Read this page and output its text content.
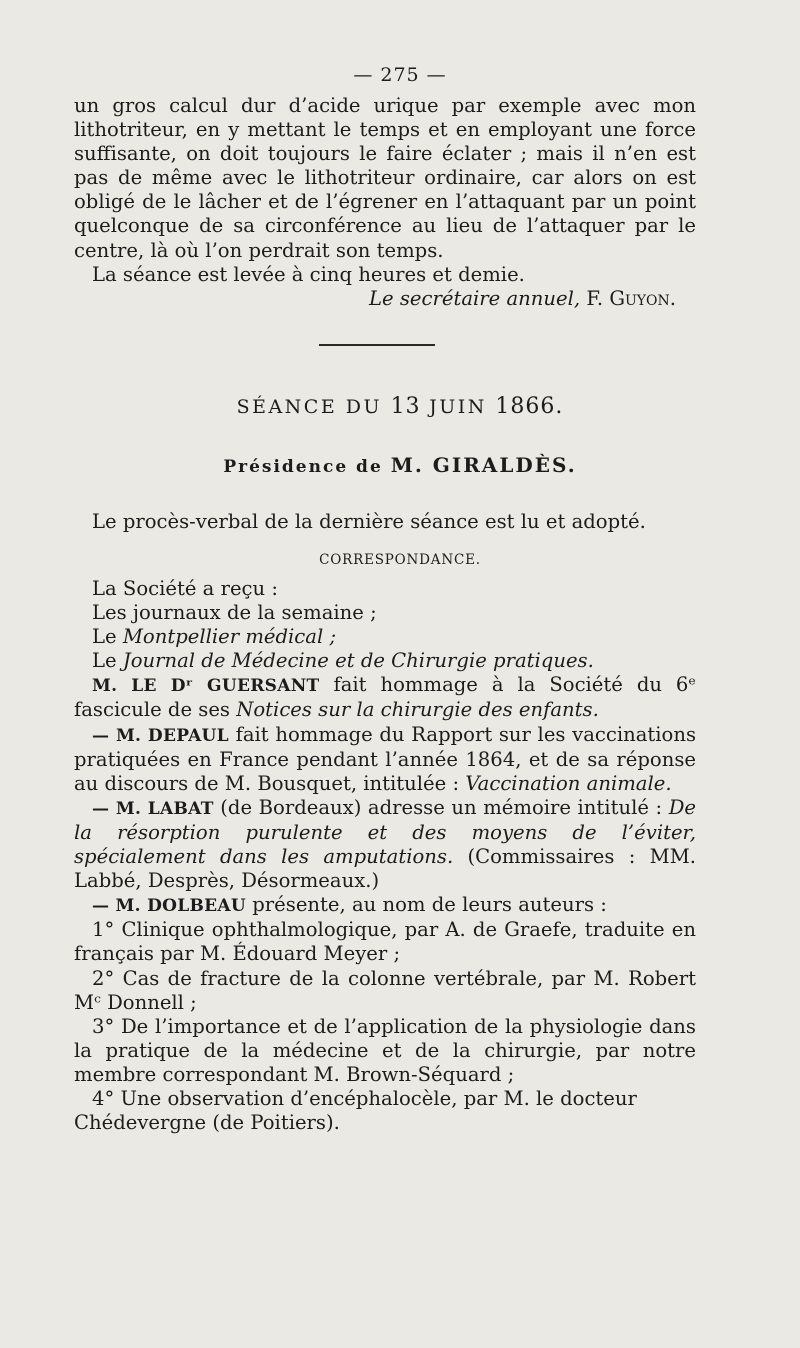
— 275 —

un gros calcul dur d’acide urique par exemple avec mon lithotriteur, en y mettant le temps et en employant une force suffisante, on doit toujours le faire éclater ; mais il n’en est pas de même avec le lithotriteur ordinaire, car alors on est obligé de le lâcher et de l’égrener en l’attaquant par un point quelconque de sa circonférence au lieu de l’attaquer par le centre, là où l’on perdrait son temps.

La séance est levée à cinq heures et demie.

Le secrétaire annuel, F. Guyon.

SÉANCE DU 13 JUIN 1866.
Présidence de M. GIRALDÈS.

Le procès-verbal de la dernière séance est lu et adopté.

CORRESPONDANCE.

La Société a reçu :

Les journaux de la semaine ;

Le Montpellier médical ;

Le Journal de Médecine et de Chirurgie pratiques.

M. LE Dʳ GUERSANT fait hommage à la Société du 6ᵉ fascicule de ses Notices sur la chirurgie des enfants.

— M. DEPAUL fait hommage du Rapport sur les vaccinations pratiquées en France pendant l’année 1864, et de sa réponse au discours de M. Bousquet, intitulée : Vaccination animale.

— M. LABAT (de Bordeaux) adresse un mémoire intitulé : De la résorption purulente et des moyens de l’éviter, spécialement dans les amputations. (Commissaires : MM. Labbé, Desprès, Désormeaux.)

— M. DOLBEAU présente, au nom de leurs auteurs :

1° Clinique ophthalmologique, par A. de Graefe, traduite en français par M. Édouard Meyer ;

2° Cas de fracture de la colonne vertébrale, par M. Robert Mᶜ Donnell ;

3° De l’importance et de l’application de la physiologie dans la pratique de la médecine et de la chirurgie, par notre membre correspondant M. Brown-Séquard ;

4° Une observation d’encéphalocèle, par M. le docteur Chédevergne (de Poitiers).
